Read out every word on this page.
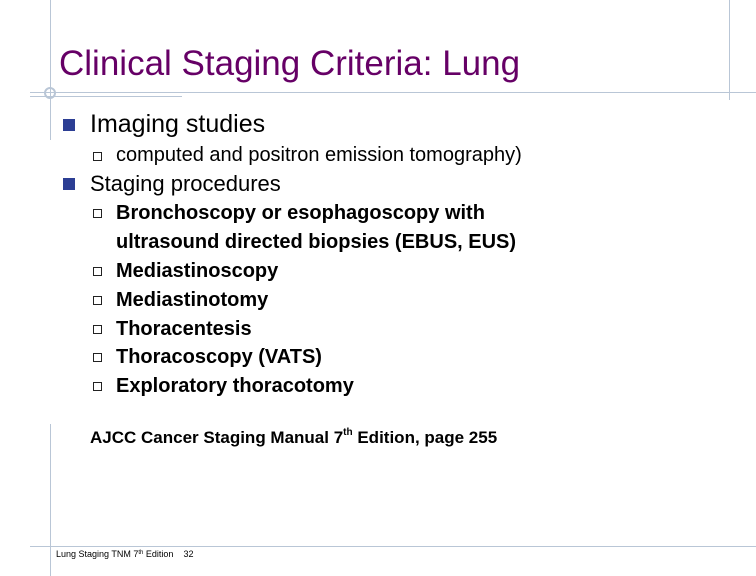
Clinical Staging Criteria: Lung
Imaging studies
computed and positron emission tomography)
Staging procedures
Bronchoscopy or esophagoscopy with
ultrasound directed biopsies (EBUS, EUS)
Mediastinoscopy
Mediastinotomy
Thoracentesis
Thoracoscopy (VATS)
Exploratory thoracotomy
AJCC Cancer Staging Manual 7th Edition, page 255
Lung Staging TNM 7th Edition 32
